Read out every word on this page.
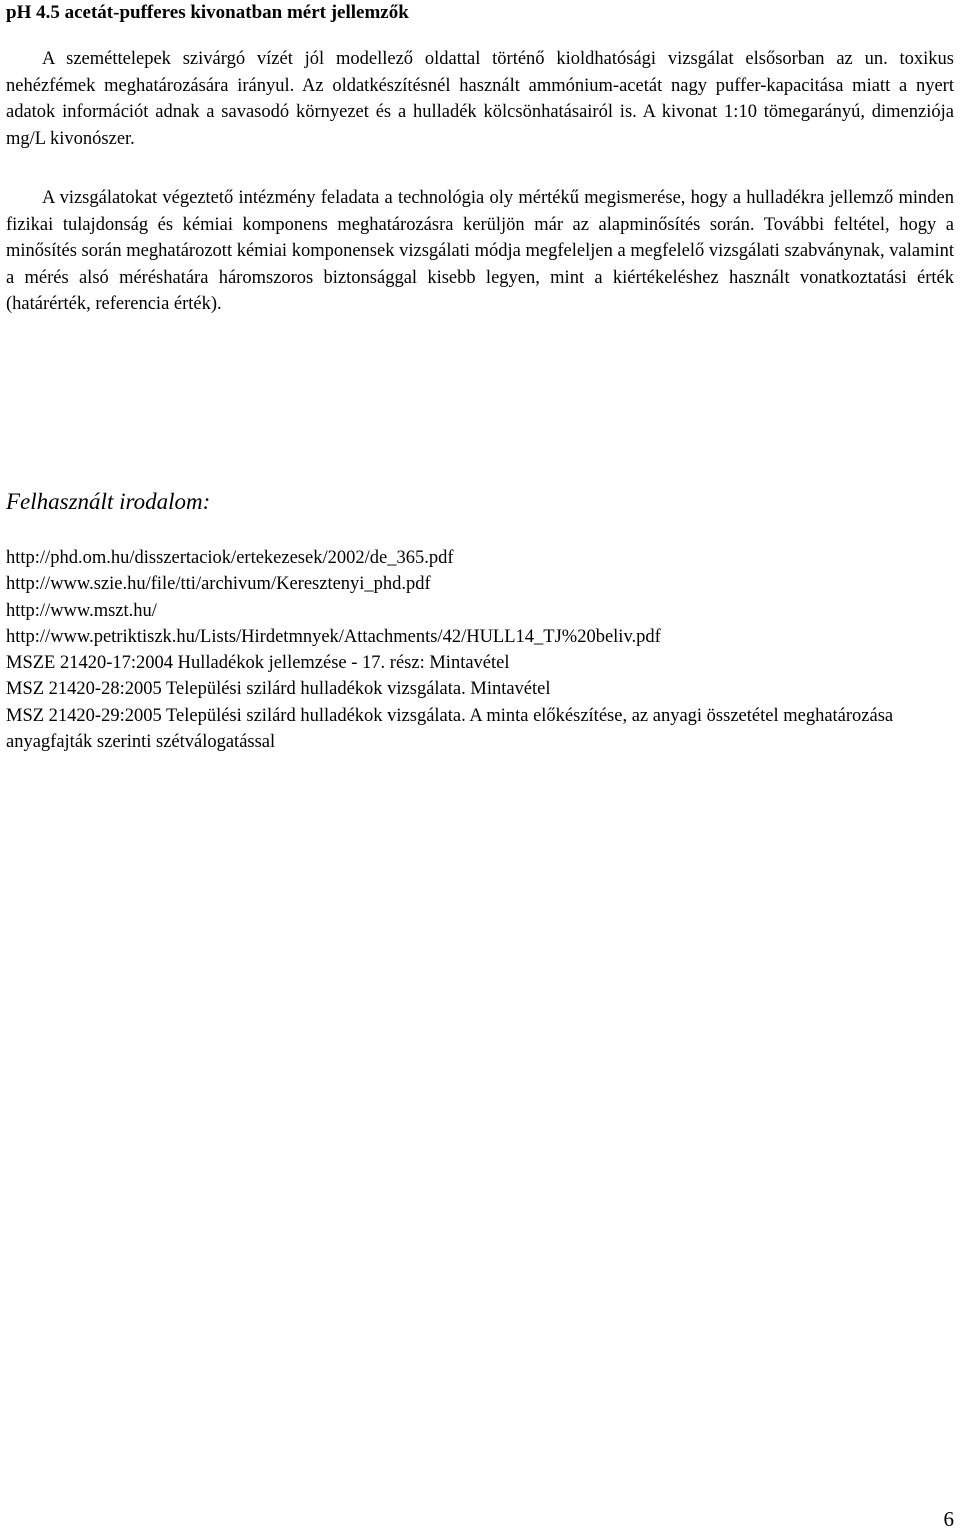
pH 4.5 acetát-pufferes kivonatban mért jellemzők

A szeméttelepek szivárgó vízét jól modellező oldattal történő kioldhatósági vizsgálat elsősorban az un. toxikus nehézfémek meghatározására irányul. Az oldatkészítésnél használt ammónium-acetát nagy puffer-kapacitása miatt a nyert adatok információt adnak a savasodó környezet és a hulladék kölcsönhatásairól is. A kivonat 1:10 tömegarányú, dimenziója mg/L kivonószer.

A vizsgálatokat végeztető intézmény feladata a technológia oly mértékű megismerése, hogy a hulladékra jellemző minden fizikai tulajdonság és kémiai komponens meghatározásra kerüljön már az alapminősítés során. További feltétel, hogy a minősítés során meghatározott kémiai komponensek vizsgálati módja megfeleljen a megfelelő vizsgálati szabványnak, valamint a mérés alsó méréshatára háromszoros biztonsággal kisebb legyen, mint a kiértékeléshez használt vonatkoztatási érték (határérték, referencia érték).

Felhasznált irodalom:
http://phd.om.hu/disszertaciok/ertekezesek/2002/de_365.pdf
http://www.szie.hu/file/tti/archivum/Keresztenyi_phd.pdf
http://www.mszt.hu/
http://www.petriktiszk.hu/Lists/Hirdetmnyek/Attachments/42/HULL14_TJ%20beliv.pdf
MSZE 21420-17:2004 Hulladékok jellemzése - 17. rész: Mintavétel
MSZ 21420-28:2005 Települési szilárd hulladékok vizsgálata. Mintavétel
MSZ 21420-29:2005 Települési szilárd hulladékok vizsgálata. A minta előkészítése, az anyagi összetétel meghatározása anyagfajták szerinti szétválogatással
6
